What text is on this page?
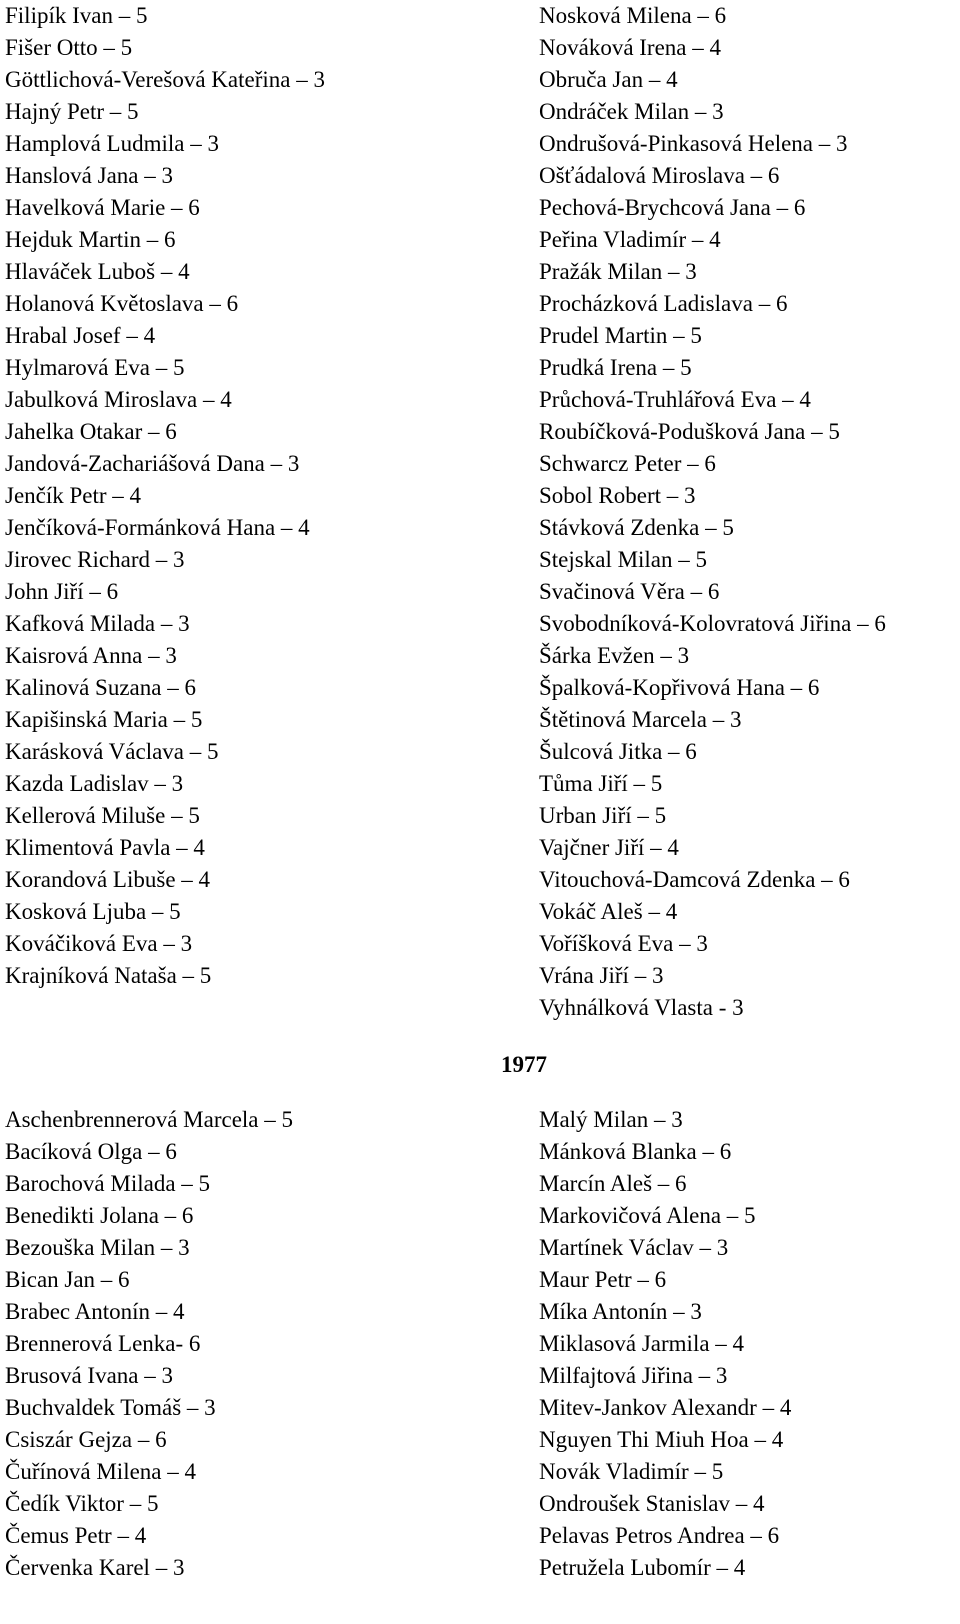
Filipík Ivan – 5
Fišer Otto – 5
Göttlichová-Verešová Kateřina – 3
Hajný Petr – 5
Hamplová Ludmila – 3
Hanslová Jana – 3
Havelková Marie – 6
Hejduk Martin – 6
Hlaváček Luboš – 4
Holanová Květoslava – 6
Hrabal Josef – 4
Hylmarová Eva – 5
Jabulková Miroslava – 4
Jahelka Otakar – 6
Jandová-Zachariášová Dana – 3
Jenčík Petr – 4
Jenčíková-Formánková Hana – 4
Jirovec Richard – 3
John Jiří – 6
Kafková Milada – 3
Kaisrová Anna – 3
Kalinová Suzana – 6
Kapišinská Maria – 5
Karásková Václava – 5
Kazda Ladislav – 3
Kellerová Miluše – 5
Klimentová Pavla – 4
Korandová Libuše – 4
Kosková Ljuba – 5
Kováčiková Eva – 3
Krajníková Nataša – 5
Nosková Milena – 6
Nováková Irena – 4
Obruča Jan – 4
Ondráček Milan – 3
Ondrušová-Pinkasová Helena – 3
Ošťádalová Miroslava – 6
Pechová-Brychcová Jana – 6
Peřina Vladimír – 4
Pražák Milan – 3
Procházková Ladislava – 6
Prudel Martin – 5
Prudká Irena – 5
Průchová-Truhlářová Eva – 4
Roubíčková-Podušková Jana – 5
Schwarcz Peter – 6
Sobol Robert – 3
Stávková Zdenka – 5
Stejskal Milan – 5
Svačinová Věra – 6
Svobodníková-Kolovratová Jiřina – 6
Šárka Evžen – 3
Špalková-Kopřivová Hana – 6
Štětinová Marcela – 3
Šulcová Jitka – 6
Tůma Jiří – 5
Urban Jiří – 5
Vajčner Jiří – 4
Vitouchová-Damcová Zdenka – 6
Vokáč Aleš – 4
Voříšková Eva – 3
Vrána Jiří – 3
Vyhnálková Vlasta - 3
1977
Aschenbrennerová Marcela – 5
Bacíková Olga – 6
Barochová Milada – 5
Benedikti Jolana – 6
Bezouška Milan – 3
Bican Jan – 6
Brabec Antonín – 4
Brennerová Lenka- 6
Brusová Ivana – 3
Buchvaldek Tomáš – 3
Csiszár Gejza – 6
Čuřínová Milena – 4
Čedík Viktor – 5
Čemus Petr – 4
Červenka Karel – 3
Malý Milan – 3
Mánková Blanka – 6
Marcín Aleš – 6
Markovičová Alena – 5
Martínek Václav – 3
Maur Petr – 6
Míka Antonín – 3
Miklasová Jarmila – 4
Milfajtová Jiřina – 3
Mitev-Jankov Alexandr – 4
Nguyen Thi Miuh Hoa – 4
Novák Vladimír – 5
Ondroušek Stanislav – 4
Pelavas Petros Andrea – 6
Petružela Lubomír – 4
